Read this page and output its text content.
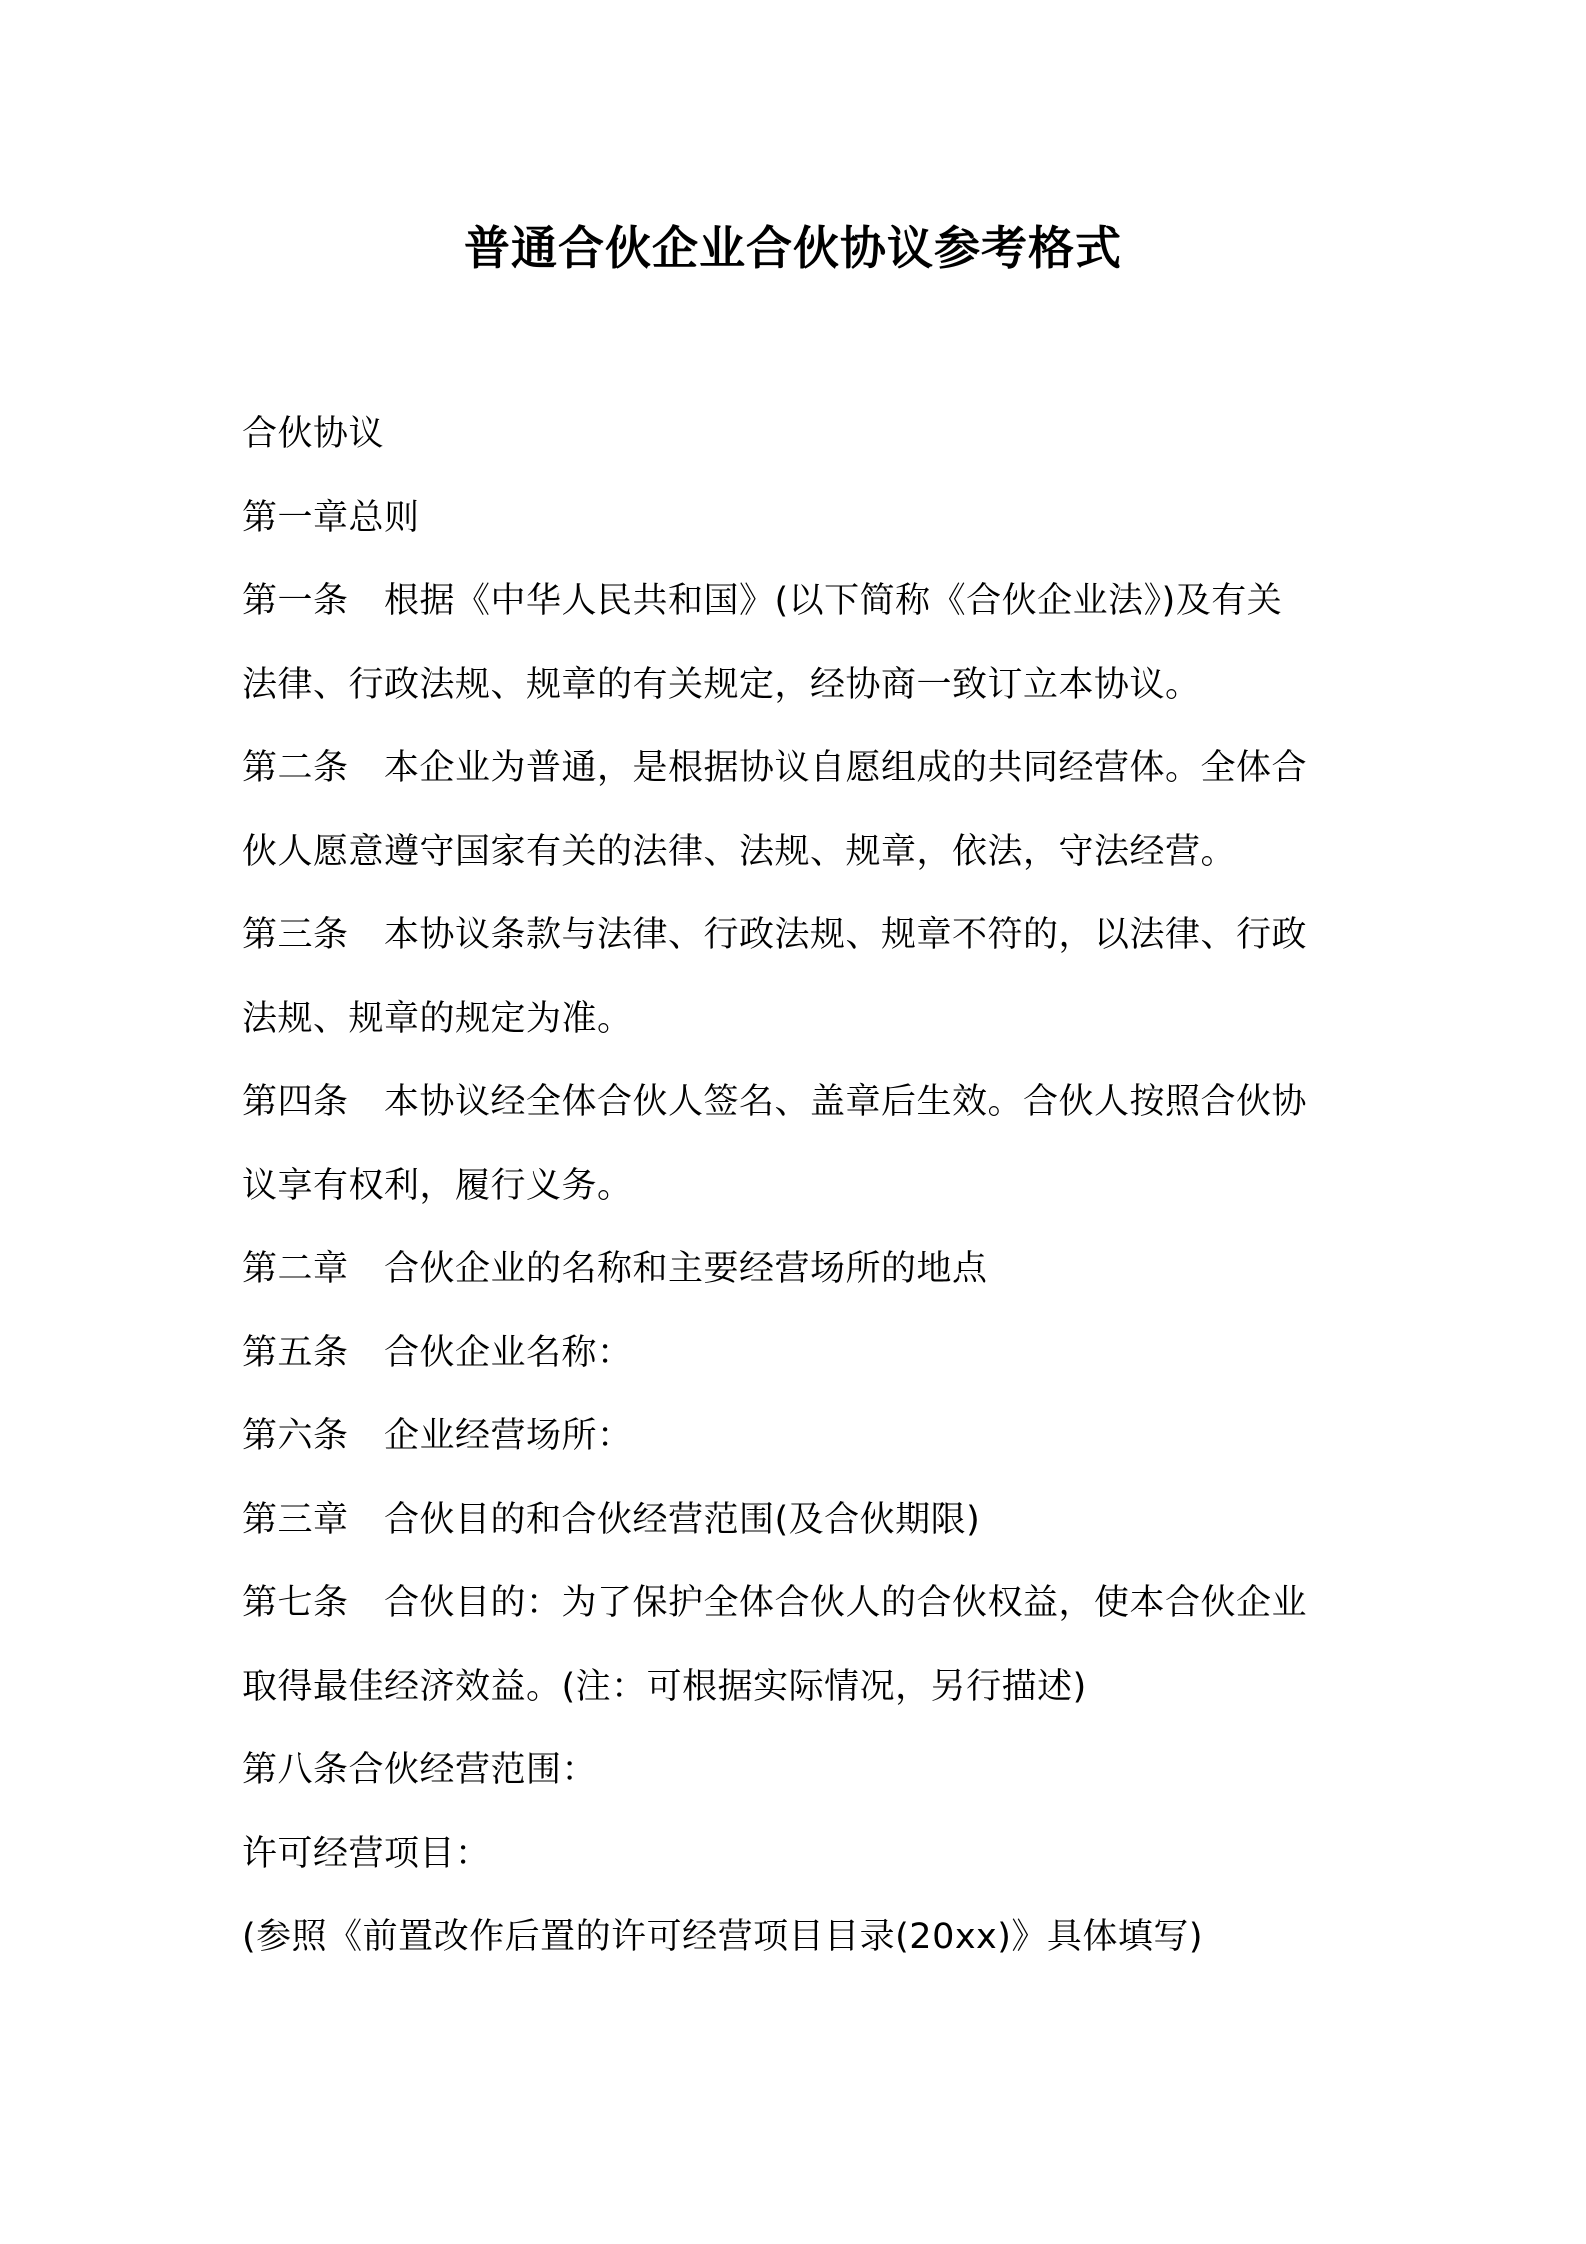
普通合伙企业合伙协议参考格式
合伙协议
第一章总则
第一条　根据《中华人民共和国》(以下简称《合伙企业法》)及有关
法律、行政法规、规章的有关规定，经协商一致订立本协议。
第二条　本企业为普通，是根据协议自愿组成的共同经营体。全体合
伙人愿意遵守国家有关的法律、法规、规章，依法，守法经营。
第三条　本协议条款与法律、行政法规、规章不符的，以法律、行政
法规、规章的规定为准。
第四条　本协议经全体合伙人签名、盖章后生效。合伙人按照合伙协
议享有权利，履行义务。
第二章　合伙企业的名称和主要经营场所的地点
第五条　合伙企业名称：
第六条　企业经营场所：
第三章　合伙目的和合伙经营范围(及合伙期限)
第七条　合伙目的：为了保护全体合伙人的合伙权益，使本合伙企业
取得最佳经济效益。(注：可根据实际情况，另行描述)
第八条合伙经营范围：
许可经营项目：
(参照《前置改作后置的许可经营项目目录(20xx)》具体填写)
